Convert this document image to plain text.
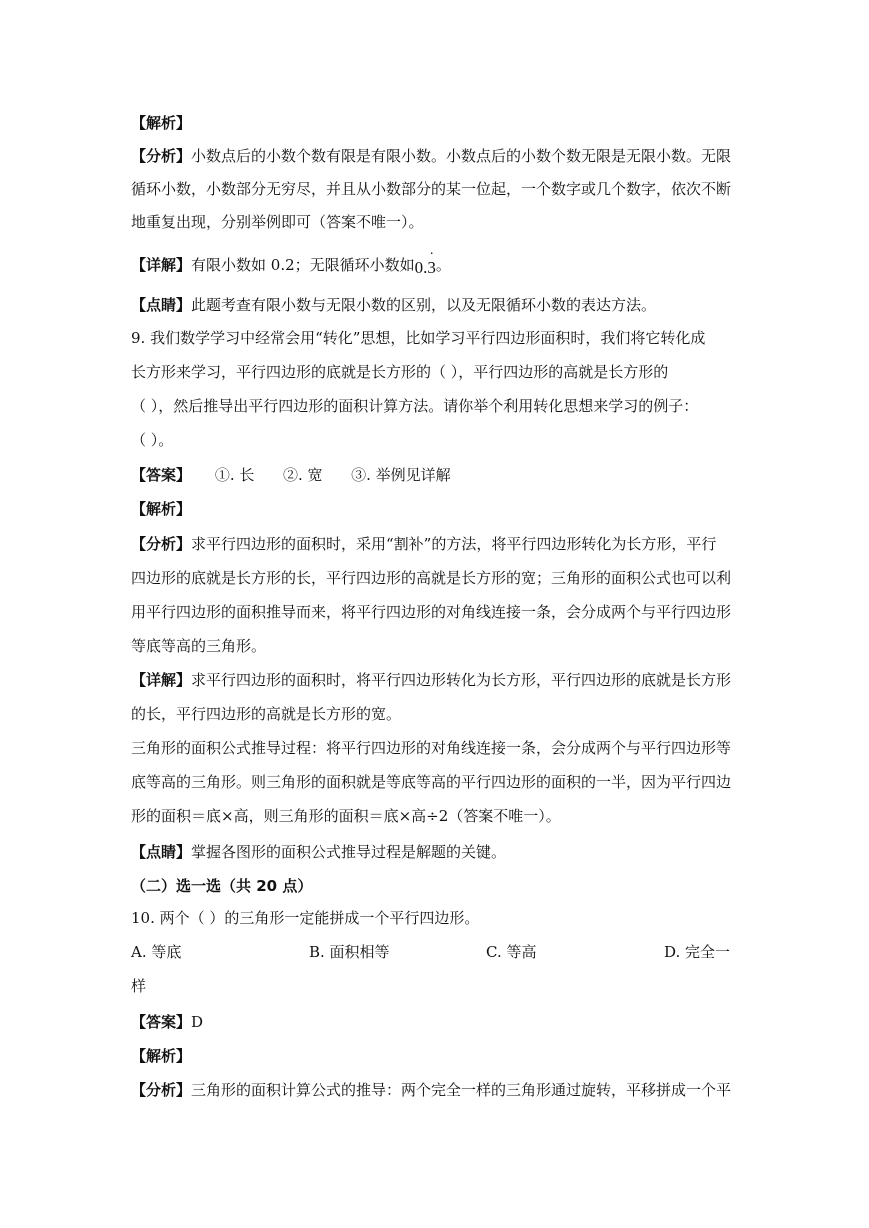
【解析】
【分析】小数点后的小数个数有限是有限小数。小数点后的小数个数无限是无限小数。无限
循环小数，小数部分无穷尽，并且从小数部分的某一位起，一个数字或几个数字，依次不断
地重复出现，分别举例即可（答案不唯一）。
【详解】有限小数如 0.2；无限循环小数如0.3 ·。
【点睛】此题考查有限小数与无限小数的区别，以及无限循环小数的表达方法。
9. 我们数学学习中经常会用“转化”思想，比如学习平行四边形面积时，我们将它转化成
长方形来学习，平行四边形的底就是长方形的（ ），平行四边形的高就是长方形的
（ ），然后推导出平行四边形的面积计算方法。请你举个利用转化思想来学习的例子：
（ ）。
【答案】     ①. 长      ②. 宽      ③. 举例见详解
【解析】
【分析】求平行四边形的面积时，采用“割补”的方法，将平行四边形转化为长方形，平行
四边形的底就是长方形的长，平行四边形的高就是长方形的宽；三角形的面积公式也可以利
用平行四边形的面积推导而来，将平行四边形的对角线连接一条，会分成两个与平行四边形
等底等高的三角形。
【详解】求平行四边形的面积时，将平行四边形转化为长方形，平行四边形的底就是长方形
的长，平行四边形的高就是长方形的宽。
三角形的面积公式推导过程：将平行四边形的对角线连接一条，会分成两个与平行四边形等
底等高的三角形。则三角形的面积就是等底等高的平行四边形的面积的一半，因为平行四边
形的面积＝底×高，则三角形的面积＝底×高÷2（答案不唯一）。
【点睛】掌握各图形的面积公式推导过程是解题的关键。
（二）选一选（共 20 点）
10. 两个（ ）的三角形一定能拼成一个平行四边形。
A. 等底	B. 面积相等	C. 等高	D. 完全一
样
【答案】D
【解析】
【分析】三角形的面积计算公式的推导：两个完全一样的三角形通过旋转，平移拼成一个平
